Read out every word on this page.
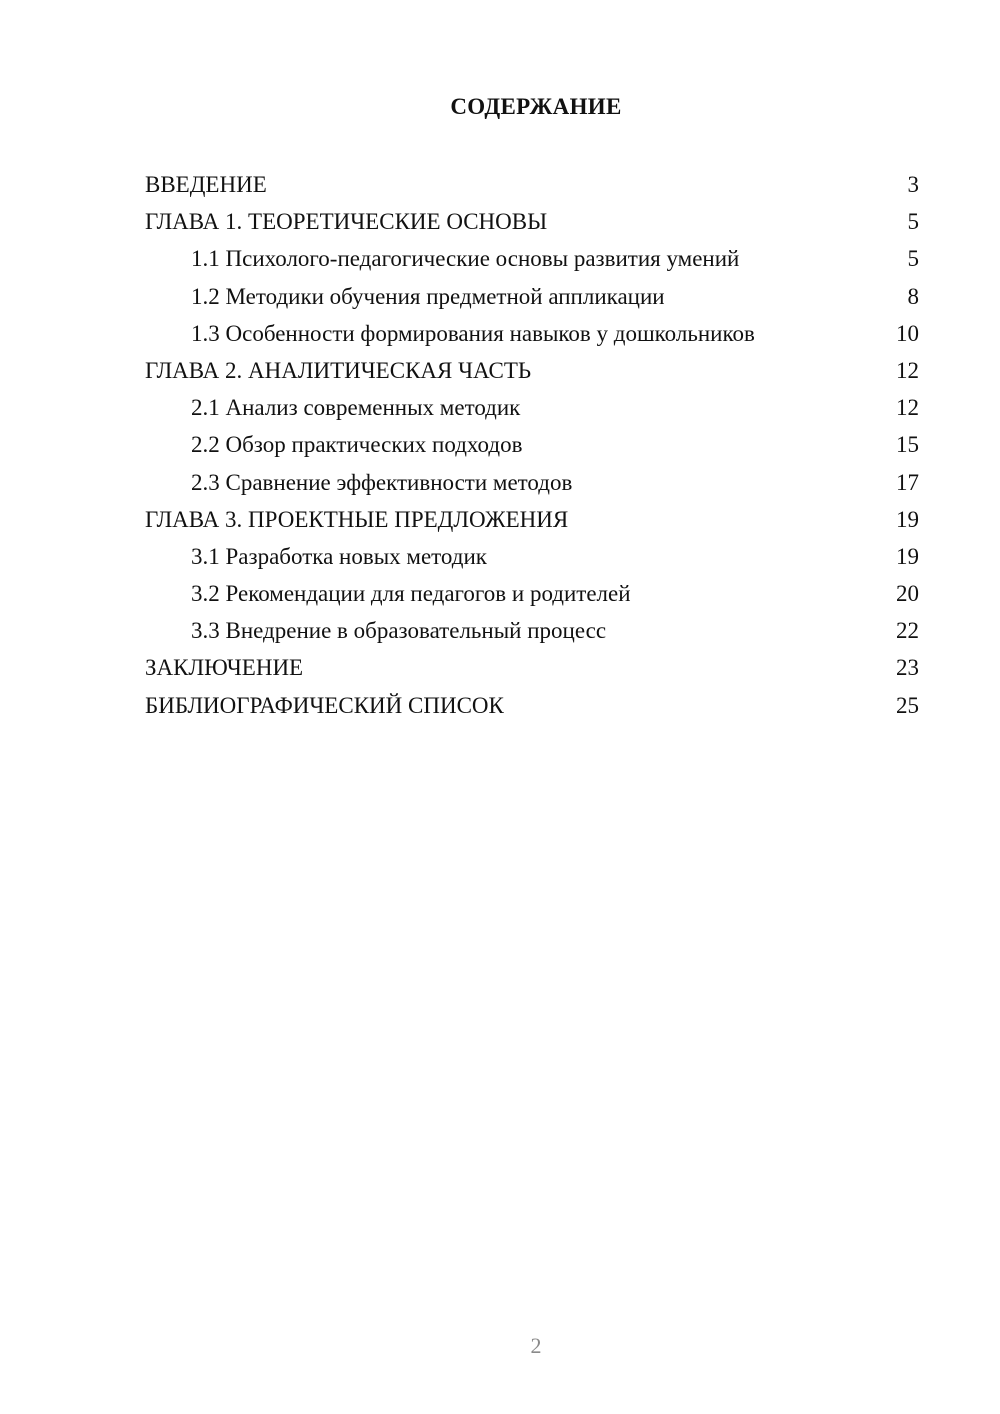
СОДЕРЖАНИЕ
ВВЕДЕНИЕ	3
ГЛАВА 1. ТЕОРЕТИЧЕСКИЕ ОСНОВЫ	5
1.1 Психолого-педагогические основы развития умений	5
1.2 Методики обучения предметной аппликации	8
1.3 Особенности формирования навыков у дошкольников	10
ГЛАВА 2. АНАЛИТИЧЕСКАЯ ЧАСТЬ	12
2.1 Анализ современных методик	12
2.2 Обзор практических подходов	15
2.3 Сравнение эффективности методов	17
ГЛАВА 3. ПРОЕКТНЫЕ ПРЕДЛОЖЕНИЯ	19
3.1 Разработка новых методик	19
3.2 Рекомендации для педагогов и родителей	20
3.3 Внедрение в образовательный процесс	22
ЗАКЛЮЧЕНИЕ	23
БИБЛИОГРАФИЧЕСКИЙ СПИСОК	25
2
